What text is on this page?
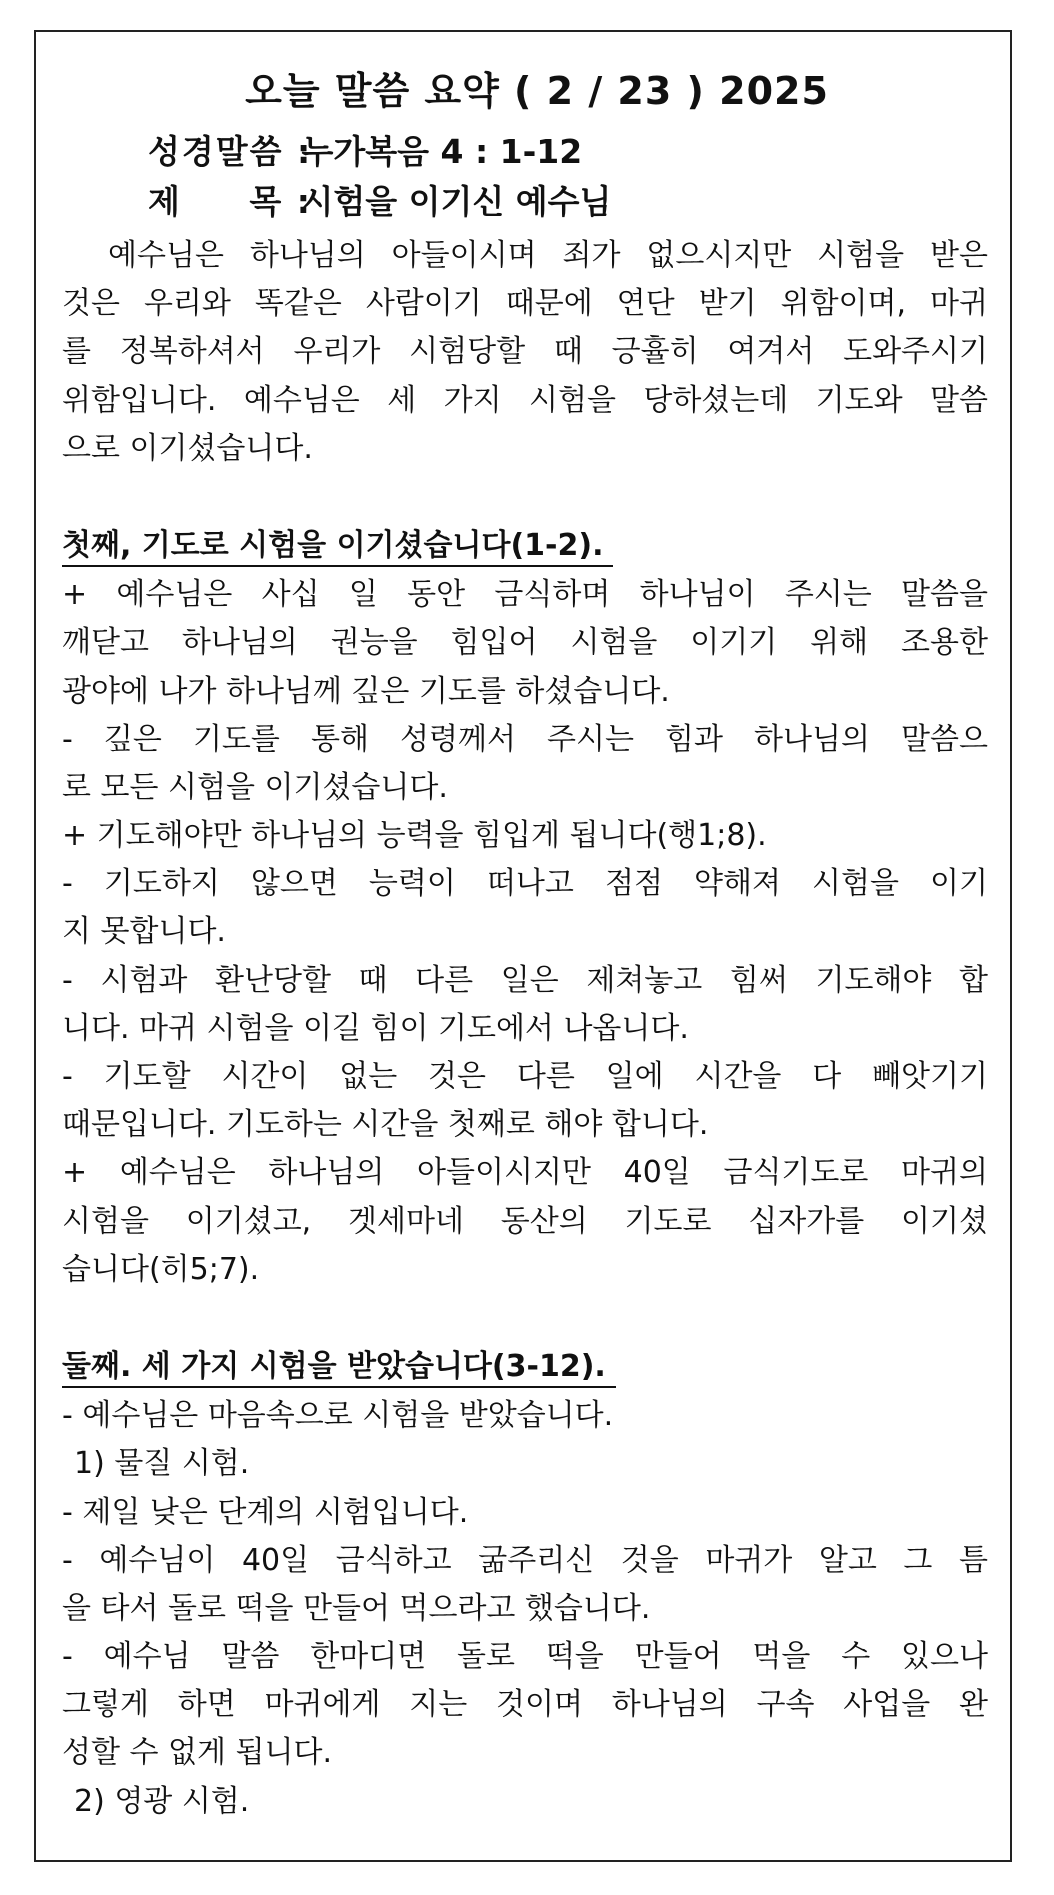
오늘 말씀 요약 ( 2 / 23 ) 2025
성경말씀 : 누가복음 4 : 1-12
제     목 : 시험을 이기신 예수님
예수님은 하나님의 아들이시며 죄가 없으시지만 시험을 받은
것은 우리와 똑같은 사람이기 때문에 연단 받기 위함이며, 마귀
를 정복하셔서 우리가 시험당할 때 긍휼히 여겨서 도와주시기
위함입니다. 예수님은 세 가지 시험을 당하셨는데 기도와 말씀
으로 이기셨습니다.
첫째, 기도로 시험을 이기셨습니다(1-2).
+ 예수님은 사십 일 동안 금식하며 하나님이 주시는 말씀을
깨닫고 하나님의 권능을 힘입어 시험을 이기기 위해 조용한
광야에 나가 하나님께 깊은 기도를 하셨습니다.
- 깊은 기도를 통해 성령께서 주시는 힘과 하나님의 말씀으
로 모든 시험을 이기셨습니다.
+ 기도해야만 하나님의 능력을 힘입게 됩니다(행1;8).
- 기도하지 않으면 능력이 떠나고 점점 약해져 시험을 이기
지 못합니다.
- 시험과 환난당할 때 다른 일은 제쳐놓고 힘써 기도해야 합
니다. 마귀 시험을 이길 힘이 기도에서 나옵니다.
- 기도할 시간이 없는 것은 다른 일에 시간을 다 빼앗기기
때문입니다. 기도하는 시간을 첫째로 해야 합니다.
+ 예수님은 하나님의 아들이시지만 40일 금식기도로 마귀의
시험을 이기셨고, 겟세마네 동산의 기도로 십자가를 이기셨
습니다(히5;7).
둘째. 세 가지 시험을 받았습니다(3-12).
- 예수님은 마음속으로 시험을 받았습니다.
1) 물질 시험.
- 제일 낮은 단계의 시험입니다.
- 예수님이 40일 금식하고 굶주리신 것을 마귀가 알고 그 틈
을 타서 돌로 떡을 만들어 먹으라고 했습니다.
- 예수님 말씀 한마디면 돌로 떡을 만들어 먹을 수 있으나
그렇게 하면 마귀에게 지는 것이며 하나님의 구속 사업을 완
성할 수 없게 됩니다.
2) 영광 시험.
